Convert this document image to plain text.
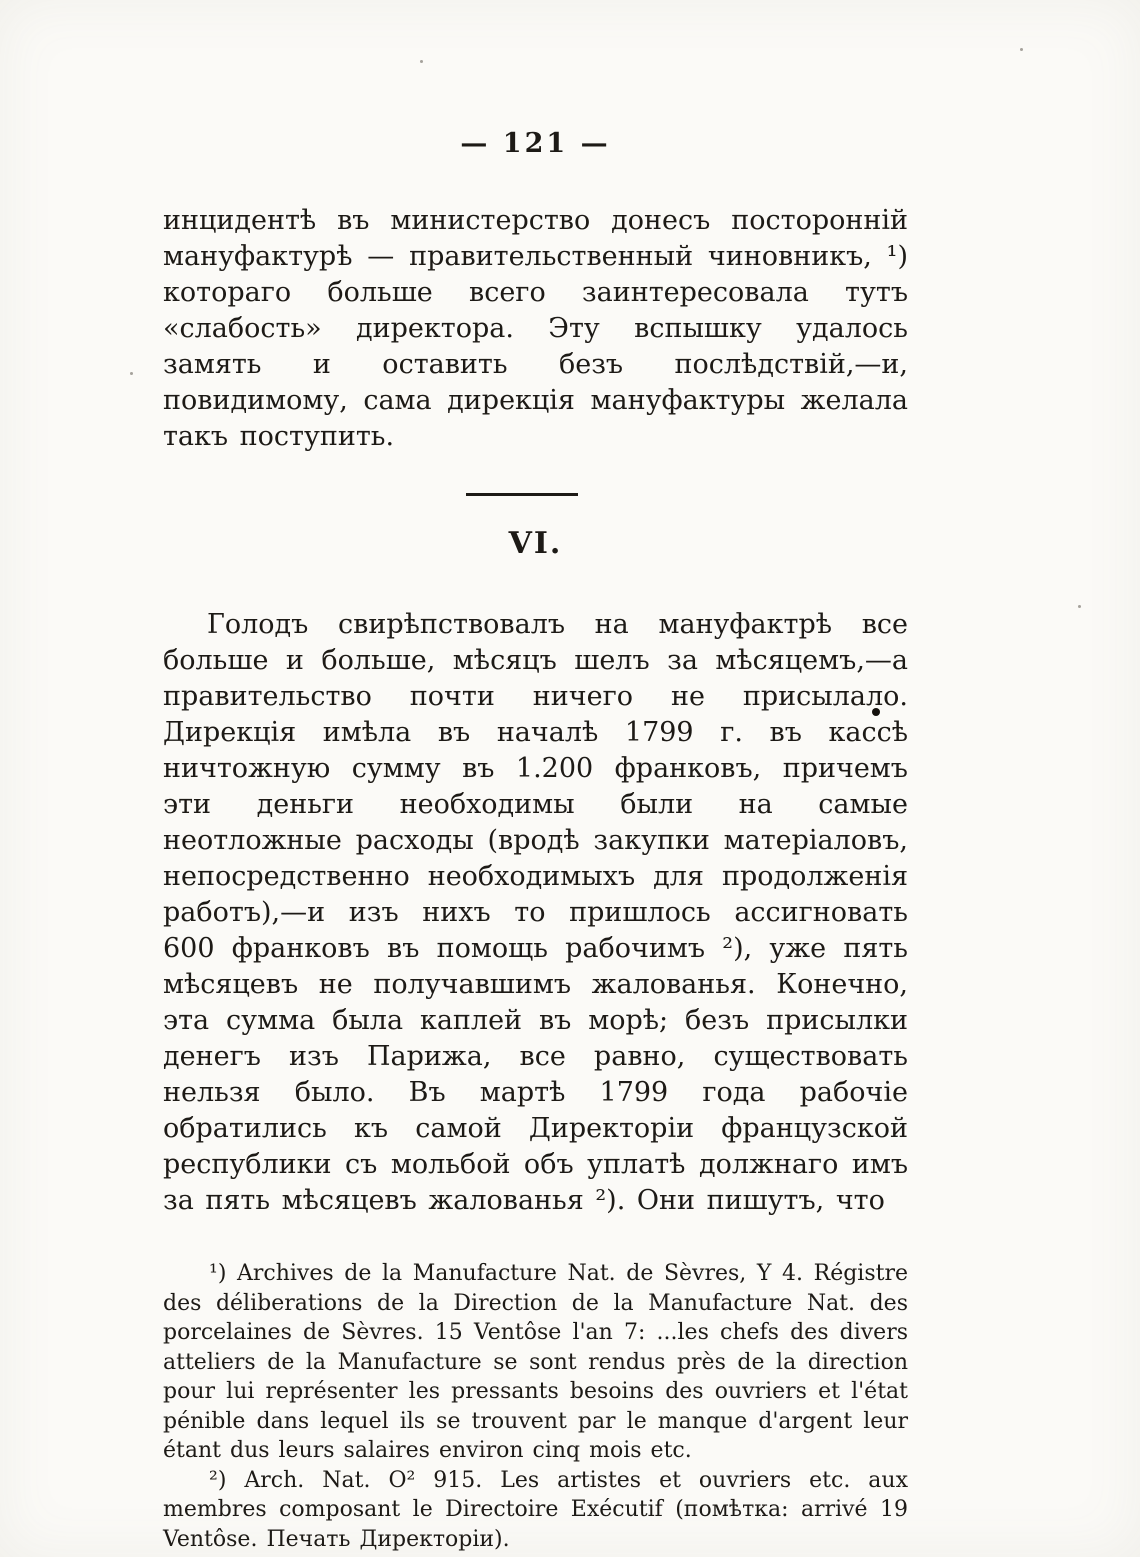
— 121 —

инцидентѣ въ министерство донесъ посторонній мануфактурѣ — правительственный чиновникъ, ¹) котораго больше всего заинтересовала тутъ «слабость» директора. Эту вспышку удалось замять и оставить безъ послѣдствій,—и, повидимому, сама дирекція мануфактуры желала такъ поступить.

VI.

Голодъ свирѣпствовалъ на мануфактрѣ все больше и больше, мѣсяцъ шелъ за мѣсяцемъ,—а правительство почти ничего не присылало. Дирекція имѣла въ началѣ 1799 г. въ кассѣ ничтожную сумму въ 1.200 франковъ, причемъ эти деньги необходимы были на самые неотложные расходы (вродѣ закупки матеріаловъ, непосредственно необходимыхъ для продолженія работъ),—и изъ нихъ то пришлось ассигновать 600 франковъ въ помощь рабочимъ ²), уже пять мѣсяцевъ не получавшимъ жалованья. Конечно, эта сумма была каплей въ морѣ; безъ присылки денегъ изъ Парижа, все равно, существовать нельзя было. Въ мартѣ 1799 года рабочіе обратились къ самой Директоріи французской республики съ мольбой объ уплатѣ должнаго имъ за пять мѣсяцевъ жалованья ²). Они пишутъ, что

¹) Archives de la Manufacture Nat. de Sèvres, Y 4. Régistre des déliberations de la Direction de la Manufacture Nat. des porcelaines de Sèvres. 15 Ventôse l'an 7: ...les chefs des divers atteliers de la Manufacture se sont rendus près de la direction pour lui représenter les pressants besoins des ouvriers et l'état pénible dans lequel ils se trouvent par le manque d'argent leur étant dus leurs salaires environ cinq mois etc.

²) Arch. Nat. O² 915. Les artistes et ouvriers etc. aux membres composant le Directoire Exécutif (помѣтка: arrivé 19 Ventôse. Печать Директоріи).
